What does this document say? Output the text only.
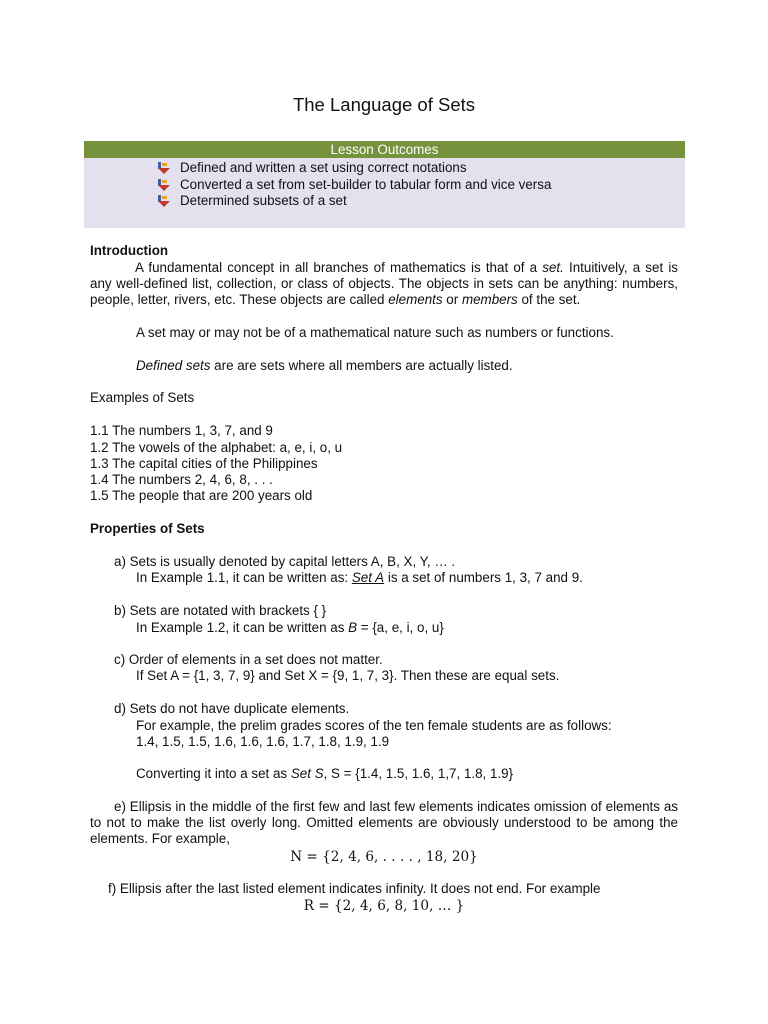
The Language of Sets
Lesson Outcomes
Defined and written a set using correct notations
Converted a set from set-builder to tabular form and vice versa
Determined subsets of a set
Introduction
A fundamental concept in all branches of mathematics is that of a set. Intuitively, a set is any well-defined list, collection, or class of objects. The objects in sets can be anything: numbers, people, letter, rivers, etc. These objects are called elements or members of the set.
A set may or may not be of a mathematical nature such as numbers or functions.
Defined sets are are sets where all members are actually listed.
Examples of Sets
1.1 The numbers 1, 3, 7, and 9
1.2 The vowels of the alphabet: a, e, i, o, u
1.3 The capital cities of the Philippines
1.4 The numbers 2, 4, 6, 8, . . .
1.5 The people that are 200 years old
Properties of Sets
a) Sets is usually denoted by capital letters A, B, X, Y, … .
In Example 1.1, it can be written as: Set A is a set of numbers 1, 3, 7 and 9.
b) Sets are notated with brackets { }
In Example 1.2, it can be written as B = {a, e, i, o, u}
c) Order of elements in a set does not matter.
If Set A = {1, 3, 7, 9} and Set X = {9, 1, 7, 3}. Then these are equal sets.
d) Sets do not have duplicate elements.
For example, the prelim grades scores of the ten female students are as follows:
1.4, 1.5, 1.5, 1.6, 1.6, 1.6, 1.7, 1.8, 1.9, 1.9
Converting it into a set as Set S, S = {1.4, 1.5, 1.6, 1,7, 1.8, 1.9}
e) Ellipsis in the middle of the first few and last few elements indicates omission of elements as to not to make the list overly long. Omitted elements are obviously understood to be among the elements. For example,
N = {2, 4, 6, . . . . , 18, 20}
f) Ellipsis after the last listed element indicates infinity. It does not end. For example
R = {2, 4, 6, 8, 10, … }
